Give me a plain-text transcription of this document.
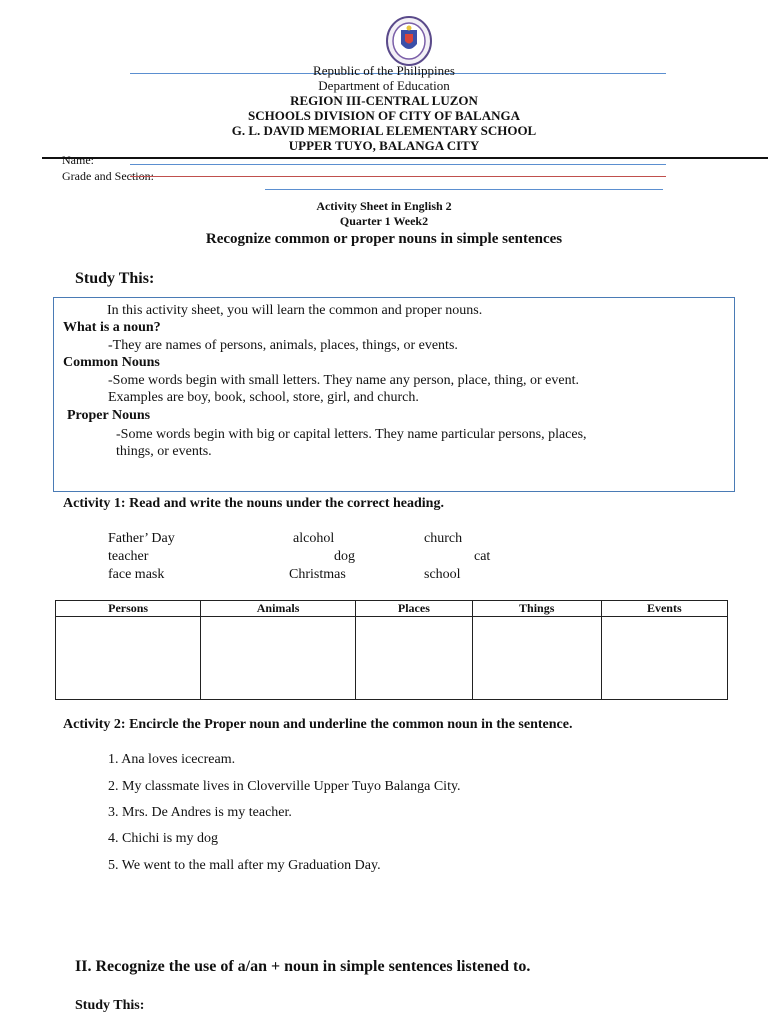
Republic of the Philippines
Department of Education
REGION III-CENTRAL LUZON
SCHOOLS DIVISION OF CITY OF BALANGA
G. L. DAVID MEMORIAL ELEMENTARY SCHOOL
UPPER TUYO, BALANGA CITY
Name:
Grade and Section:
Activity Sheet in English 2
Quarter 1 Week2
Recognize common or proper nouns in simple sentences
Study This:
In this activity sheet, you will learn the common and proper nouns.
What is a noun?
-They are names of persons, animals, places, things, or events.
Common Nouns
-Some words begin with small letters. They name any person, place, thing, or event.
Examples are boy, book, school, store, girl, and church.
Proper Nouns
-Some words begin with big or capital letters. They name particular persons, places,
things, or events.
Activity 1: Read and write the nouns under the correct heading.
Father’ Day	alcohol	church
teacher	dog	cat
face mask	Christmas	school
Persons	Animals	Places	Things	Events

Activity 2: Encircle the Proper noun and underline the common noun in the sentence.
1. Ana loves icecream.
2. My classmate lives in Cloverville Upper Tuyo Balanga City.
3. Mrs. De Andres is my teacher.
4. Chichi is my dog
5. We went to the mall after my Graduation Day.
II. Recognize the use of a/an + noun in simple sentences listened to.
Study This:
